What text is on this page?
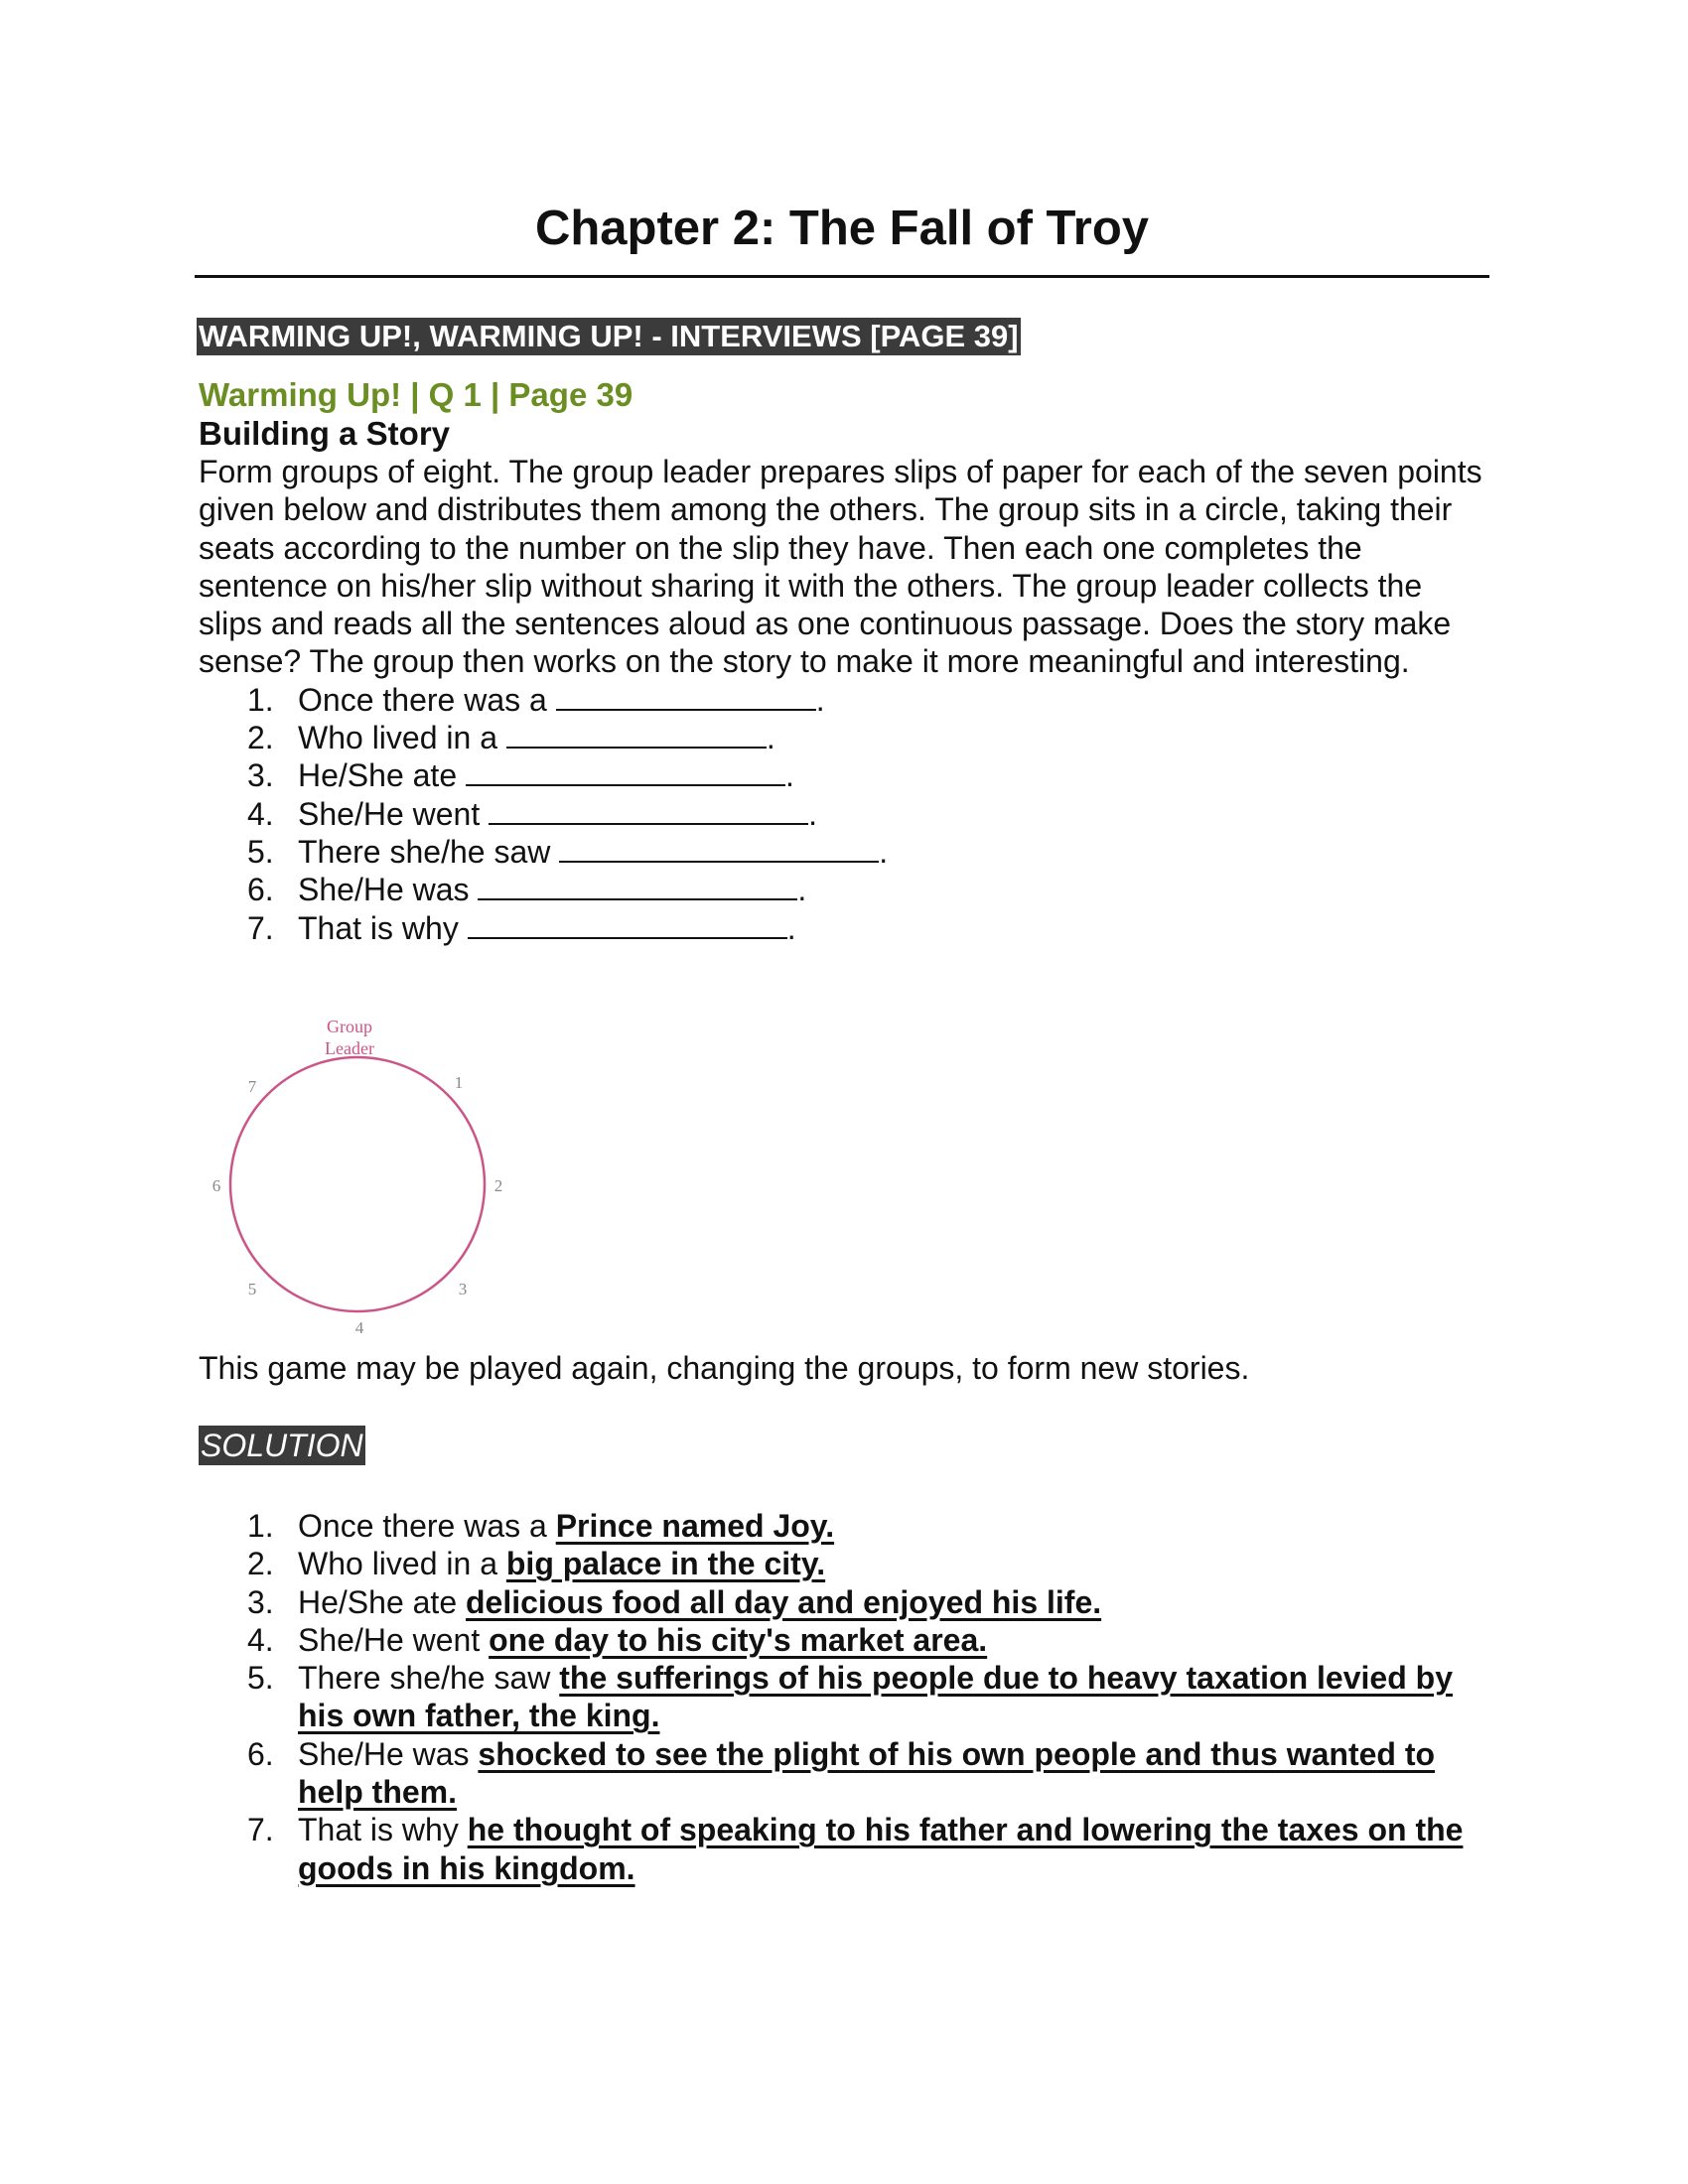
Chapter 2: The Fall of Troy
WARMING UP!, WARMING UP! - INTERVIEWS [PAGE 39]
Warming Up! | Q 1 | Page 39
Building a Story

Form groups of eight. The group leader prepares slips of paper for each of the seven points given below and distributes them among the others. The group sits in a circle, taking their seats according to the number on the slip they have. Then each one completes the sentence on his/her slip without sharing it with the others. The group leader collects the slips and reads all the sentences aloud as one continuous passage. Does the story make sense? The group then works on the story to make it more meaningful and interesting.

1. Once there was a	.
2. Who lived in a	.
3. He/She ate	.
4. She/He went	.
5. There she/he saw	.
6. She/He was	.
7. That is why	.
Group
Leader
1
2
3
4
5
6
7
This game may be played again, changing the groups, to form new stories.
SOLUTION
1. Once there was a Prince named Joy.
2. Who lived in a big palace in the city.
3. He/She ate delicious food all day and enjoyed his life.
4. She/He went one day to his city's market area.
5. There she/he saw the sufferings of his people due to heavy taxation levied by his own father, the king.
6. She/He was shocked to see the plight of his own people and thus wanted to help them.
7. That is why he thought of speaking to his father and lowering the taxes on the goods in his kingdom.
